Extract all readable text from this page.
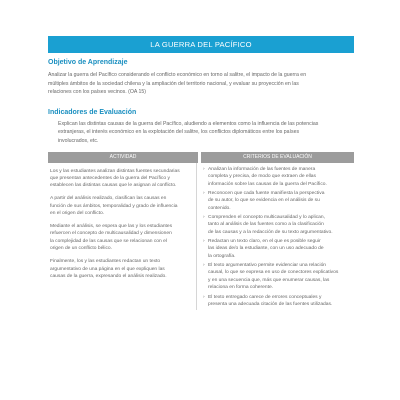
LA GUERRA DEL PACÍFICO
Objetivo de Aprendizaje
Analizar la guerra del Pacífico considerando el conflicto económico en torno al salitre, el impacto de la guerra en
múltiples ámbitos de la sociedad chilena y la ampliación del territorio nacional, y evaluar su proyección en las
relaciones con los países vecinos. (OA 15)
Indicadores de Evaluación
Explican las distintas causas de la guerra del Pacífico, aludiendo a elementos como la influencia de las potencias
extranjeras, el interés económico en la explotación del salitre, los conflictos diplomáticos entre los países
involucrados, etc.
ACTIVIDAD	CRITERIOS DE EVALUACIÓN
Los y las estudiantes analizan distintas fuentes secundarias
que presentan antecedentes de la guerra del Pacífico y
establecen las distintas causas que le asignan al conflicto.
A partir del análisis realizado, clasifican las causas en
función de sus ámbitos, temporalidad y grado de influencia
en el origen del conflicto.
Mediante el análisis, se espera que las y los estudiantes
refuercen el concepto de multicausalidad y dimensionen
la complejidad de las causas que se relacionan con el
origen de un conflicto bélico.
Finalmente, los y las estudiantes redactan un texto
argumentativo de una página en el que expliquen las
causas de la guerra, expresando el análisis realizado.
› Analizan la información de las fuentes de manera
completa y precisa, de modo que extraen de ellas
información sobre las causas de la guerra del Pacífico.
› Reconocen que cada fuente manifiesta la perspectiva
de su autor, lo que se evidencia en el análisis de su
contenido.
› Comprenden el concepto multicausalidad y lo aplican,
tanto al análisis de las fuentes como a la clasificación
de las causas y a la redacción de su texto argumentativo.
› Redactan un texto claro, en el que es posible seguir
las ideas de/o la estudiante, con un uso adecuado de
la ortografía.
› El texto argumentativo permite evidenciar una relación
causal, lo que se expresa en uso de conectores explicativos
y en una secuencia que, más que enumerar causas, las
relaciona en forma coherente.
› El texto entregado carece de errores conceptuales y
presenta una adecuada citación de las fuentes utilizadas.
